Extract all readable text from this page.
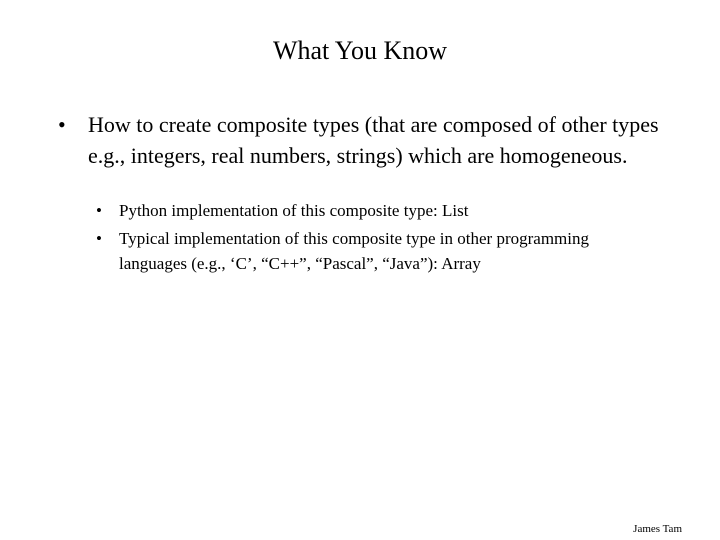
What You Know
•	How to create composite types (that are composed of other types e.g., integers, real numbers, strings) which are homogeneous.
•	Python implementation of this composite type: List
•	Typical implementation of this composite type in other programming languages (e.g., ‘C’, “C++”, “Pascal”, “Java”): Array
James Tam
